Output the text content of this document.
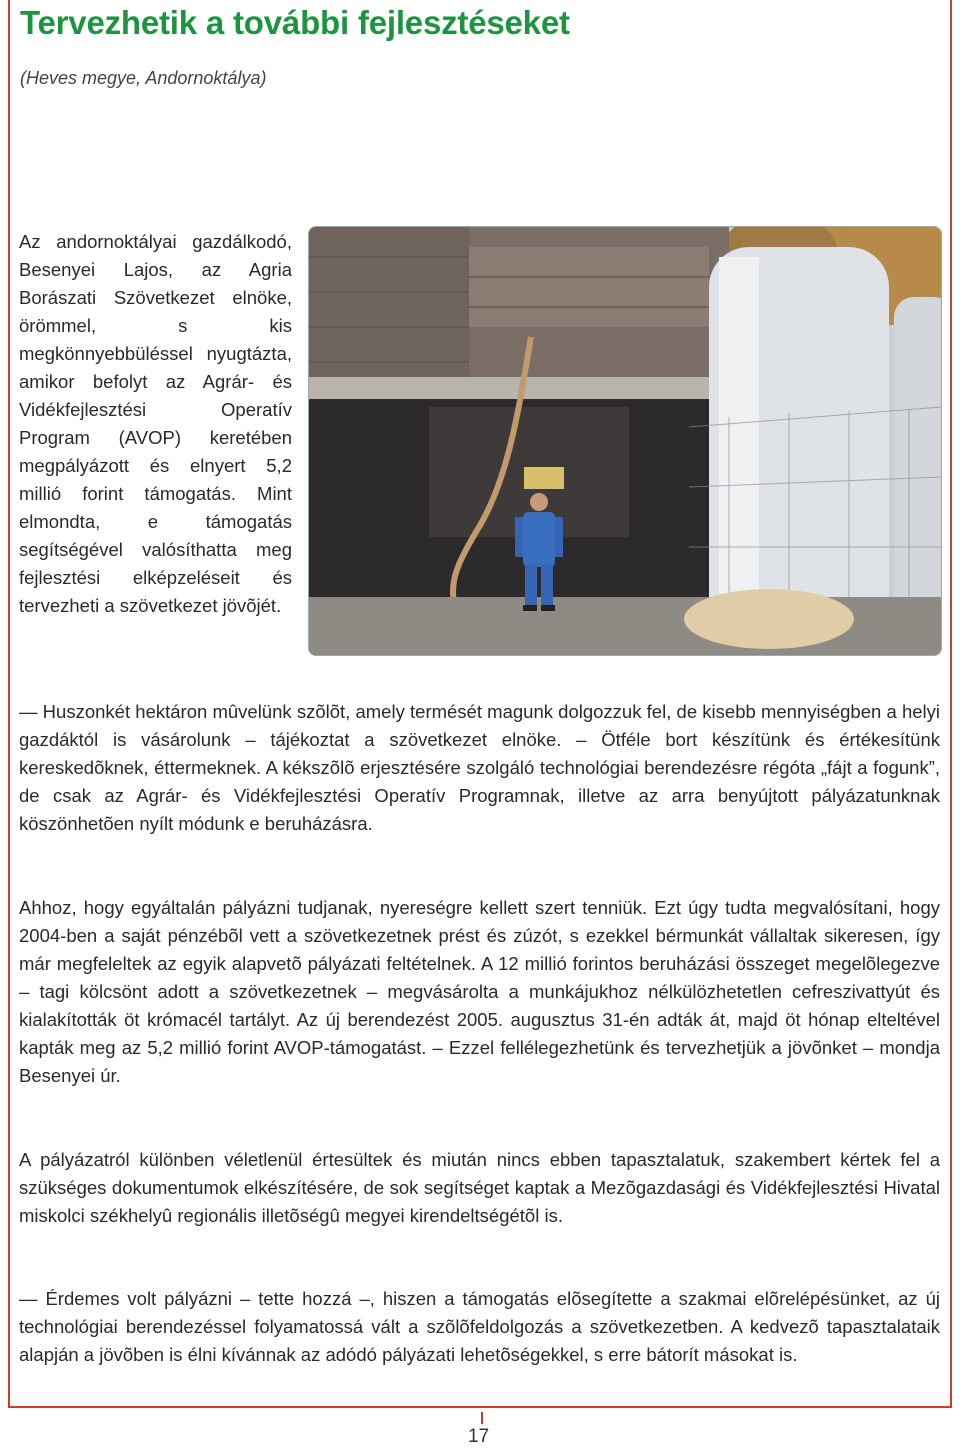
Tervezhetik a további fejlesztéseket

(Heves megye, Andornoktálya)

Az andornoktályai gazdálkodó, Besenyei Lajos, az Agria Borászati Szövetkezet elnöke, örömmel, s kis megkönnyebbüléssel nyugtázta, amikor befolyt az Agrár- és Vidékfejlesztési Operatív Program (AVOP) keretében megpályázott és elnyert 5,2 millió forint támogatás. Mint elmondta, e támogatás segítségével valósíthatta meg fejlesztési elképzeléseit és tervezheti a szövetkezet jövõjét.

— Huszonkét hektáron mûvelünk szõlõt, amely termését magunk dolgozzuk fel, de kisebb mennyiségben a helyi gazdáktól is vásárolunk – tájékoztat a szövetkezet elnöke. – Ötféle bort készítünk és értékesítünk kereskedõknek, éttermeknek. A kékszõlõ erjesztésére szolgáló technológiai berendezésre régóta „fájt a fogunk”, de csak az Agrár- és Vidékfejlesztési Operatív Programnak, illetve az arra benyújtott pályázatunknak köszönhetõen nyílt módunk e beruházásra.

Ahhoz, hogy egyáltalán pályázni tudjanak, nyereségre kellett szert tenniük. Ezt úgy tudta megvalósítani, hogy 2004-ben a saját pénzébõl vett a szövetkezetnek prést és zúzót, s ezekkel bérmunkát vállaltak sikeresen, így már megfeleltek az egyik alapvetõ pályázati feltételnek. A 12 millió forintos beruházási összeget megelõlegezve – tagi kölcsönt adott a szövetkezetnek – megvásárolta a munkájukhoz nélkülözhetetlen cefreszivattyút és kialakították öt krómacél tartályt. Az új berendezést 2005. augusztus 31-én adták át, majd öt hónap elteltével kapták meg az 5,2 millió forint AVOP-támogatást. – Ezzel fellélegezhetünk és tervezhetjük a jövõnket – mondja Besenyei úr.

A pályázatról különben véletlenül értesültek és miután nincs ebben tapasztalatuk, szakembert kértek fel a szükséges dokumentumok elkészítésére, de sok segítséget kaptak a Mezõgazdasági és Vidékfejlesztési Hivatal miskolci székhelyû regionális illetõségû megyei kirendeltségétõl is.

— Érdemes volt pályázni – tette hozzá –, hiszen a támogatás elõsegítette a szakmai elõrelépésünket, az új technológiai berendezéssel folyamatossá vált a szõlõfeldolgozás a szövetkezetben. A kedvezõ tapasztalataik alapján a jövõben is élni kívánnak az adódó pályázati lehetõségekkel, s erre bátorít másokat is.

17
